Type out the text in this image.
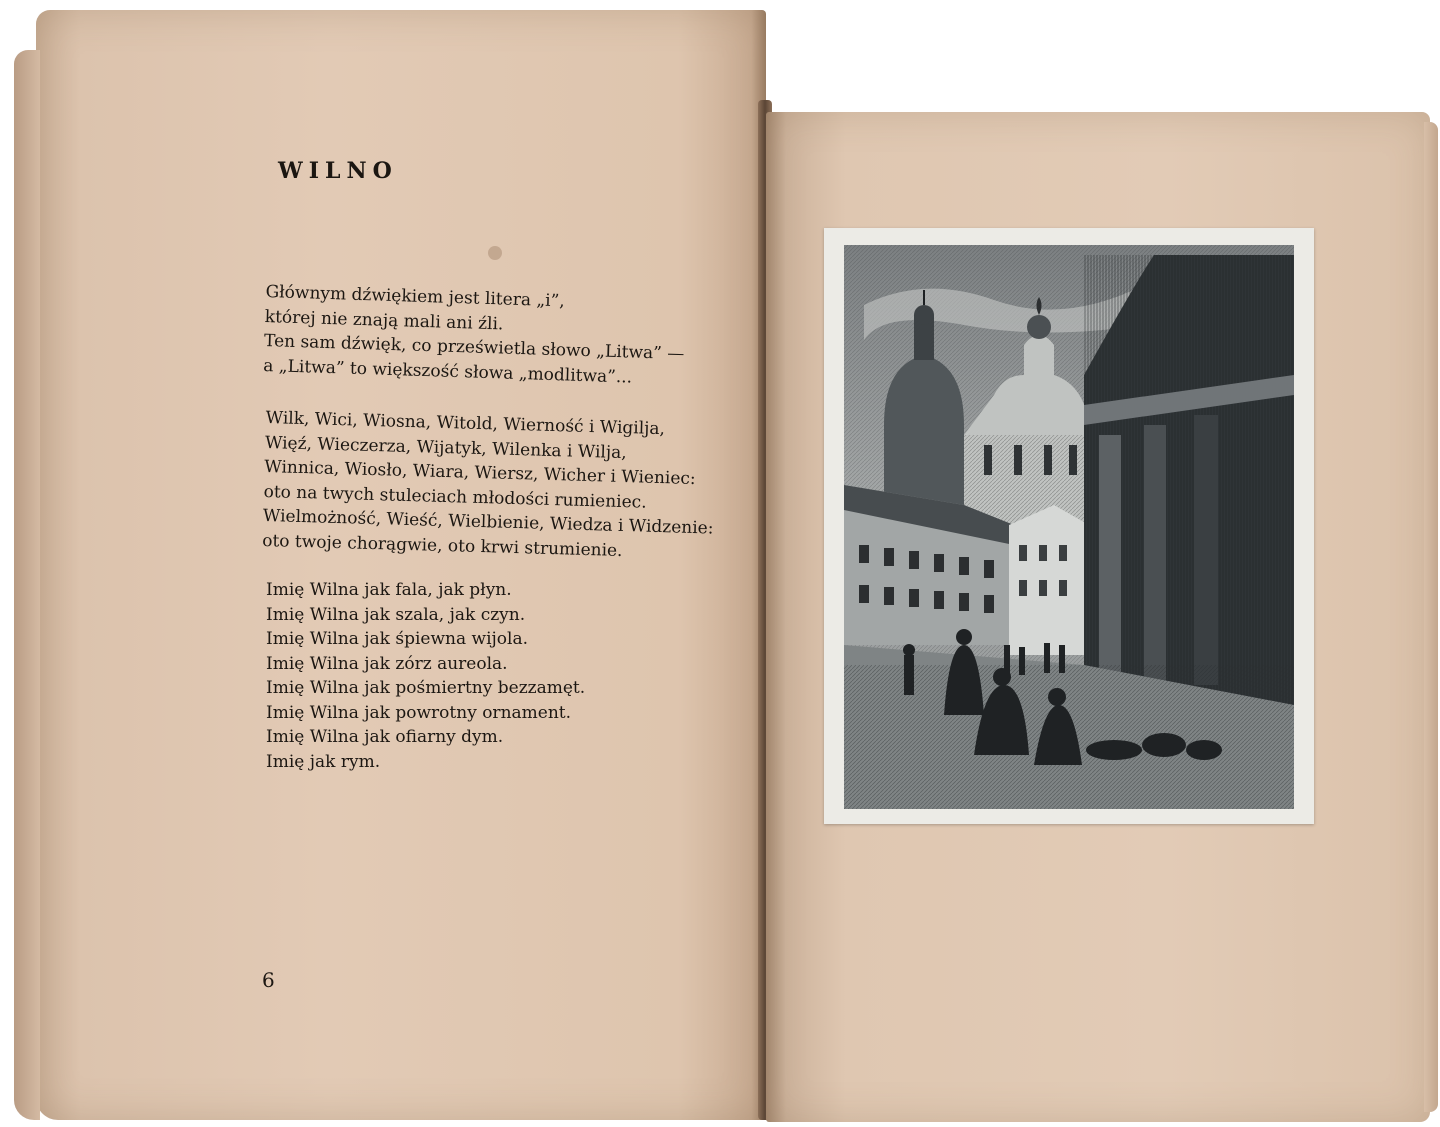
WILNO
Głównym dźwiękiem jest litera „i”,
której nie znają mali ani źli.
Ten sam dźwięk, co prześwietla słowo „Litwa” —
a „Litwa” to większość słowa „modlitwa”...
Wilk, Wici, Wiosna, Witold, Wierność i Wigilja,
Więź, Wieczerza, Wijatyk, Wilenka i Wilja,
Winnica, Wiosło, Wiara, Wiersz, Wicher i Wieniec:
oto na twych stuleciach młodości rumieniec.
Wielmożność, Wieść, Wielbienie, Wiedza i Widzenie:
oto twoje chorągwie, oto krwi strumienie.
Imię Wilna jak fala, jak płyn.
Imię Wilna jak szala, jak czyn.
Imię Wilna jak śpiewna wijola.
Imię Wilna jak zórz aureola.
Imię Wilna jak pośmiertny bezzamęt.
Imię Wilna jak powrotny ornament.
Imię Wilna jak ofiarny dym.
Imię jak rym.
6
